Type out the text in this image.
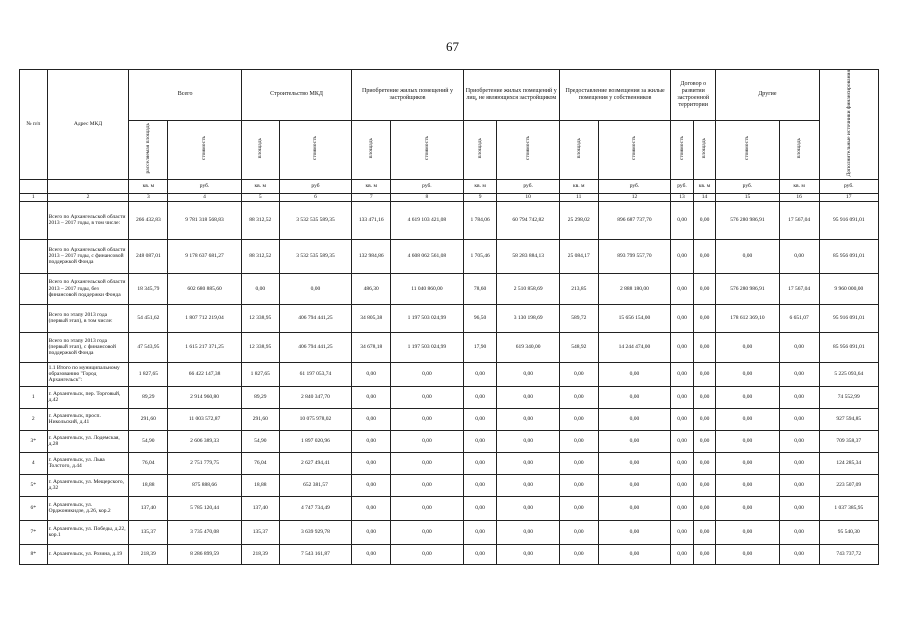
67
№ п/п	Адрес МКД	Всего		Строительство МКД		Приобретение жилых помещений у застройщиков		Приобретение жилых помещений у лиц, не являющихся застройщиком		Предоставление возмещения за жилые помещения у собственников		Договор о развитии застроенной территории		Другие		Дополнительные источники финансирования
		расселяемая площадь	стоимость	площадь	стоимость	площадь	стоимость	площадь	стоимость	площадь	стоимость	стоимость	площадь	стоимость	площадь	
		кв. м	руб.	кв. м	руб	кв. м	руб.	кв. м	руб.	кв. м	руб.	руб.	кв. м	руб.	кв. м	руб.
1	2	3	4	5	6	7	8	9	10	11	12	13	14	15	16	17
	Всего по Архангельской области 2013 – 2017 годы, в том числе:	266 432,83	9 781 318 568,83	88 312,52	3 532 535 589,35	133 471,16	4 619 103 421,08	1 784,06	60 794 742,82	25 298,02	896 687 737,70	0,00	0,00	576 280 986,91	17 567,04	95 916 091,01
	Всего по Архангельской области 2013 – 2017 годы, с финансовой поддержкой Фонда	248 087,01	9 178 637 681,27	88 312,52	3 532 535 589,35	132 984,86	4 608 062 561,08	1 705,46	58 283 884,13	25 084,17	893 799 557,70	0,00	0,00	0,00	0,00	85 956 091,01
	Всего по Архангельской области 2013 – 2017 годы, без финансовой поддержки Фонда	18 345,79	602 680 885,60	0,00	0,00	486,30	11 040 860,00	78,60	2 510 858,69	213,85	2 888 180,00	0,00	0,00	576 280 986,91	17 567,04	9 960 000,00
	Всего по этапу 2013 года (первый этап), в том числе:	54 451,62	1 807 712 219,04	12 338,95	406 794 441,25	34 805,38	1 197 503 024,99	96,50	3 130 198,69	589,72	15 656 154,00	0,00	0,00	178 612 369,10	6 651,07	95 916 091,01
	Всего по этапу 2013 года (первый этап), с финансовой поддержкой Фонда	47 543,95	1 615 217 371,25	12 338,95	406 794 441,25	34 678,18	1 197 503 024,99	17,90	619 340,00	548,92	14 244 474,00	0,00	0,00	0,00	0,00	85 956 091,01
	1.1 Итого по муниципальному образованию "Город Архангельск":	1 827,65	66 422 147,38	1 827,65	61 197 053,74	0,00	0,00	0,00	0,00	0,00	0,00	0,00	0,00	0,00	0,00	5 225 093,64
1	г. Архангельск, пер. Торговый, д.42	89,29	2 914 960,80	89,29	2 840 347,70	0,00	0,00	0,00	0,00	0,00	0,00	0,00	0,00	0,00	0,00	74 552,99
2	г. Архангельск, просп. Никольский, д.41	291,60	11 003 572,87	291,60	10 075 978,02	0,00	0,00	0,00	0,00	0,00	0,00	0,00	0,00	0,00	0,00	927 594,85
3*	г. Архангельск, ул. Лодемская, д.28	54,90	2 606 389,33	54,90	1 897 020,96	0,00	0,00	0,00	0,00	0,00	0,00	0,00	0,00	0,00	0,00	709 358,37
4	г. Архангельск, ул. Льва Толстого, д.44	76,04	2 751 779,75	76,04	2 627 494,41	0,00	0,00	0,00	0,00	0,00	0,00	0,00	0,00	0,00	0,00	124 285,34
5*	г. Архангельск, ул. Мещерского, д.32	18,88	875 888,66	18,88	652 381,57	0,00	0,00	0,00	0,00	0,00	0,00	0,00	0,00	0,00	0,00	223 507,09
6*	г. Архангельск, ул. Орджоникидзе, д.26, кор.2	137,40	5 785 120,44	137,40	4 747 734,49	0,00	0,00	0,00	0,00	0,00	0,00	0,00	0,00	0,00	0,00	1 037 385,95
7*	г. Архангельск, ул. Победы, д.22, кор.1	135,37	3 735 470,08	135,37	3 639 929,78	0,00	0,00	0,00	0,00	0,00	0,00	0,00	0,00	0,00	0,00	95 540,30
8*	г. Архангельск, ул. Розина, д.19	218,39	8 286 899,59	218,39	7 543 161,87	0,00	0,00	0,00	0,00	0,00	0,00	0,00	0,00	0,00	0,00	743 737,72
